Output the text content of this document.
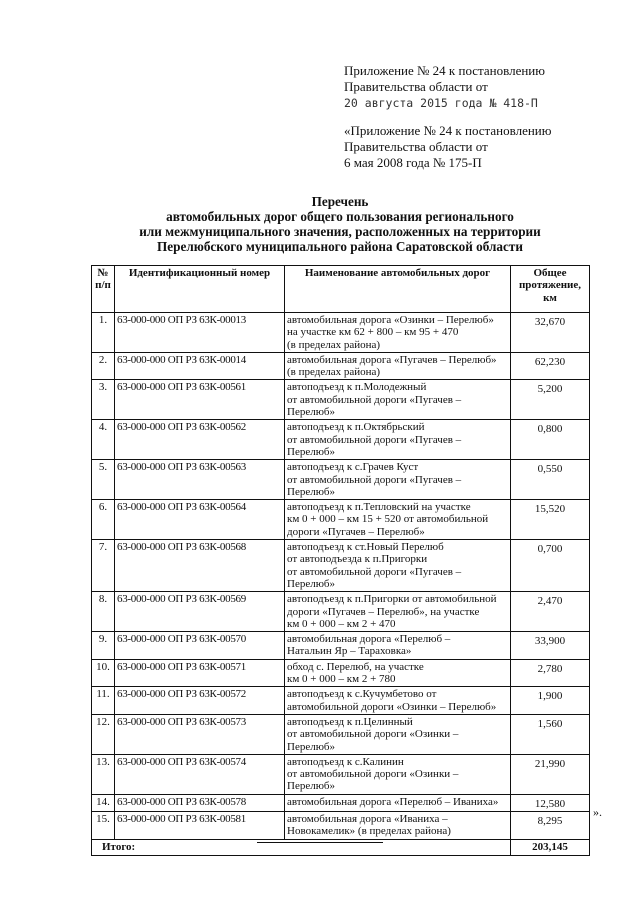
Приложение № 24 к постановлению
Правительства области от
20 августа 2015 года № 418-П
«Приложение № 24 к постановлению
Правительства области от
6 мая 2008 года № 175-П
Перечень
автомобильных дорог общего пользования регионального
или межмуниципального значения, расположенных на территории
Перелюбского муниципального района Саратовской области
№ п/п	Идентификационный номер	Наименование автомобильных дорог	Общее протяжение, км
1.	63-000-000 ОП РЗ 63К-00013	автомобильная дорога «Озинки – Перелюб»
на участке км 62 + 800 – км 95 + 470
(в пределах района)	32,670
2.	63-000-000 ОП РЗ 63К-00014	автомобильная дорога «Пугачев – Перелюб»
(в пределах района)	62,230
3.	63-000-000 ОП РЗ 63К-00561	автоподъезд к п.Молодежный
от автомобильной дороги «Пугачев –
Перелюб»	5,200
4.	63-000-000 ОП РЗ 63К-00562	автоподъезд к п.Октябрьский
от автомобильной дороги «Пугачев –
Перелюб»	0,800
5.	63-000-000 ОП РЗ 63К-00563	автоподъезд к с.Грачев Куст
от автомобильной дороги «Пугачев –
Перелюб»	0,550
6.	63-000-000 ОП РЗ 63К-00564	автоподъезд к п.Тепловский на участке
км 0 + 000 – км 15 + 520 от автомобильной
дороги «Пугачев – Перелюб»	15,520
7.	63-000-000 ОП РЗ 63К-00568	автоподъезд к ст.Новый Перелюб
от автоподъезда к п.Пригорки
от автомобильной дороги «Пугачев – Перелюб»	0,700
8.	63-000-000 ОП РЗ 63К-00569	автоподъезд к п.Пригорки от автомобильной
дороги «Пугачев – Перелюб», на участке
км 0 + 000 – км 2 + 470	2,470
9.	63-000-000 ОП РЗ 63К-00570	автомобильная дорога «Перелюб –
Натальин Яр – Тараховка»	33,900
10.	63-000-000 ОП РЗ 63К-00571	обход с. Перелюб, на участке
км 0 + 000 – км 2 + 780	2,780
11.	63-000-000 ОП РЗ 63К-00572	автоподъезд к с.Кучумбетово от
автомобильной дороги «Озинки – Перелюб»	1,900
12.	63-000-000 ОП РЗ 63К-00573	автоподъезд к п.Целинный
от автомобильной дороги «Озинки – Перелюб»	1,560
13.	63-000-000 ОП РЗ 63К-00574	автоподъезд к с.Калинин
от автомобильной дороги «Озинки – Перелюб»	21,990
14.	63-000-000 ОП РЗ 63К-00578	автомобильная дорога «Перелюб – Иваниха»	12,580
15.	63-000-000 ОП РЗ 63К-00581	автомобильная дорога «Иваниха –
Новокамелик» (в пределах района)	8,295
Итого:			203,145
».
